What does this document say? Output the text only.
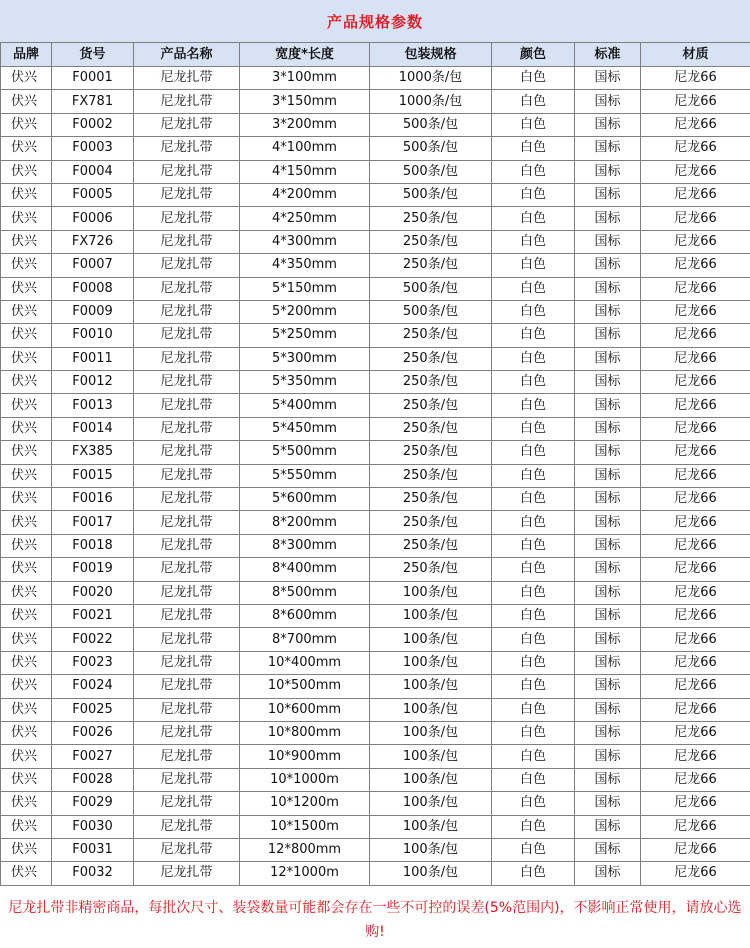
产品规格参数
品牌	货号	产品名称	宽度*长度	包装规格	颜色	标准	材质
伏兴	F0001	尼龙扎带	3*100mm	1000条/包	白色	国标	尼龙66
伏兴	FX781	尼龙扎带	3*150mm	1000条/包	白色	国标	尼龙66
伏兴	F0002	尼龙扎带	3*200mm	500条/包	白色	国标	尼龙66
伏兴	F0003	尼龙扎带	4*100mm	500条/包	白色	国标	尼龙66
伏兴	F0004	尼龙扎带	4*150mm	500条/包	白色	国标	尼龙66
伏兴	F0005	尼龙扎带	4*200mm	500条/包	白色	国标	尼龙66
伏兴	F0006	尼龙扎带	4*250mm	250条/包	白色	国标	尼龙66
伏兴	FX726	尼龙扎带	4*300mm	250条/包	白色	国标	尼龙66
伏兴	F0007	尼龙扎带	4*350mm	250条/包	白色	国标	尼龙66
伏兴	F0008	尼龙扎带	5*150mm	500条/包	白色	国标	尼龙66
伏兴	F0009	尼龙扎带	5*200mm	500条/包	白色	国标	尼龙66
伏兴	F0010	尼龙扎带	5*250mm	250条/包	白色	国标	尼龙66
伏兴	F0011	尼龙扎带	5*300mm	250条/包	白色	国标	尼龙66
伏兴	F0012	尼龙扎带	5*350mm	250条/包	白色	国标	尼龙66
伏兴	F0013	尼龙扎带	5*400mm	250条/包	白色	国标	尼龙66
伏兴	F0014	尼龙扎带	5*450mm	250条/包	白色	国标	尼龙66
伏兴	FX385	尼龙扎带	5*500mm	250条/包	白色	国标	尼龙66
伏兴	F0015	尼龙扎带	5*550mm	250条/包	白色	国标	尼龙66
伏兴	F0016	尼龙扎带	5*600mm	250条/包	白色	国标	尼龙66
伏兴	F0017	尼龙扎带	8*200mm	250条/包	白色	国标	尼龙66
伏兴	F0018	尼龙扎带	8*300mm	250条/包	白色	国标	尼龙66
伏兴	F0019	尼龙扎带	8*400mm	250条/包	白色	国标	尼龙66
伏兴	F0020	尼龙扎带	8*500mm	100条/包	白色	国标	尼龙66
伏兴	F0021	尼龙扎带	8*600mm	100条/包	白色	国标	尼龙66
伏兴	F0022	尼龙扎带	8*700mm	100条/包	白色	国标	尼龙66
伏兴	F0023	尼龙扎带	10*400mm	100条/包	白色	国标	尼龙66
伏兴	F0024	尼龙扎带	10*500mm	100条/包	白色	国标	尼龙66
伏兴	F0025	尼龙扎带	10*600mm	100条/包	白色	国标	尼龙66
伏兴	F0026	尼龙扎带	10*800mm	100条/包	白色	国标	尼龙66
伏兴	F0027	尼龙扎带	10*900mm	100条/包	白色	国标	尼龙66
伏兴	F0028	尼龙扎带	10*1000m	100条/包	白色	国标	尼龙66
伏兴	F0029	尼龙扎带	10*1200m	100条/包	白色	国标	尼龙66
伏兴	F0030	尼龙扎带	10*1500m	100条/包	白色	国标	尼龙66
伏兴	F0031	尼龙扎带	12*800mm	100条/包	白色	国标	尼龙66
伏兴	F0032	尼龙扎带	12*1000m	100条/包	白色	国标	尼龙66
尼龙扎带非精密商品，每批次尺寸、装袋数量可能都会存在一些不可控的误差(5%范围内)，不影响正常使用，请放心选购!
